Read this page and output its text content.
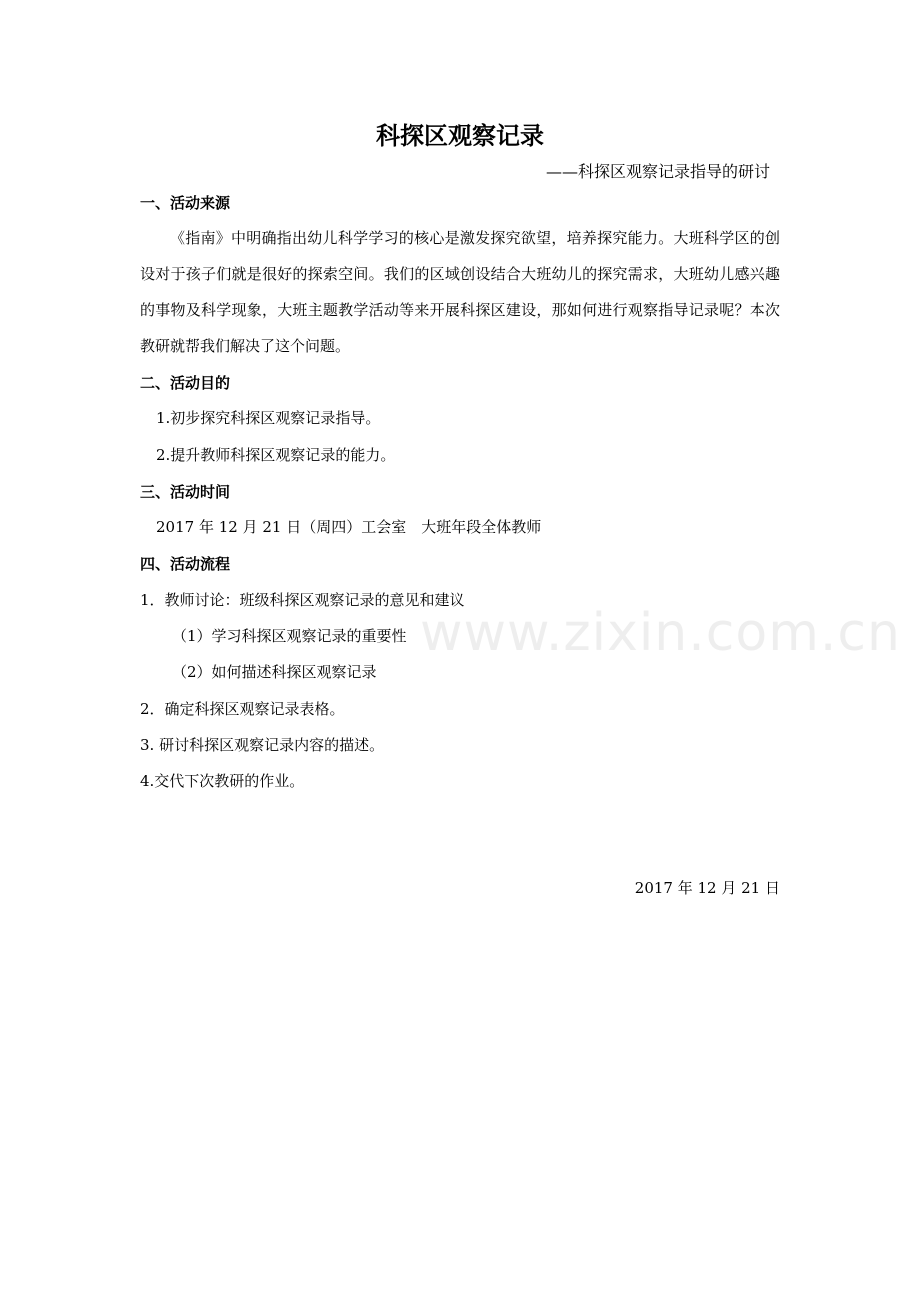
科探区观察记录
——科探区观察记录指导的研讨
一、活动来源
《指南》中明确指出幼儿科学学习的核心是激发探究欲望，培养探究能力。大班科学区的创设对于孩子们就是很好的探索空间。我们的区域创设结合大班幼儿的探究需求，大班幼儿感兴趣的事物及科学现象，大班主题教学活动等来开展科探区建设，那如何进行观察指导记录呢？本次教研就帮我们解决了这个问题。
二、活动目的
1.初步探究科探区观察记录指导。
2.提升教师科探区观察记录的能力。
三、活动时间
2017 年 12 月 21 日（周四）工会室　大班年段全体教师
四、活动流程
1．教师讨论：班级科探区观察记录的意见和建议
（1）学习科探区观察记录的重要性
（2）如何描述科探区观察记录
2．确定科探区观察记录表格。
3. 研讨科探区观察记录内容的描述。
4.交代下次教研的作业。
2017 年 12 月 21 日
www.zixin.com.cn
